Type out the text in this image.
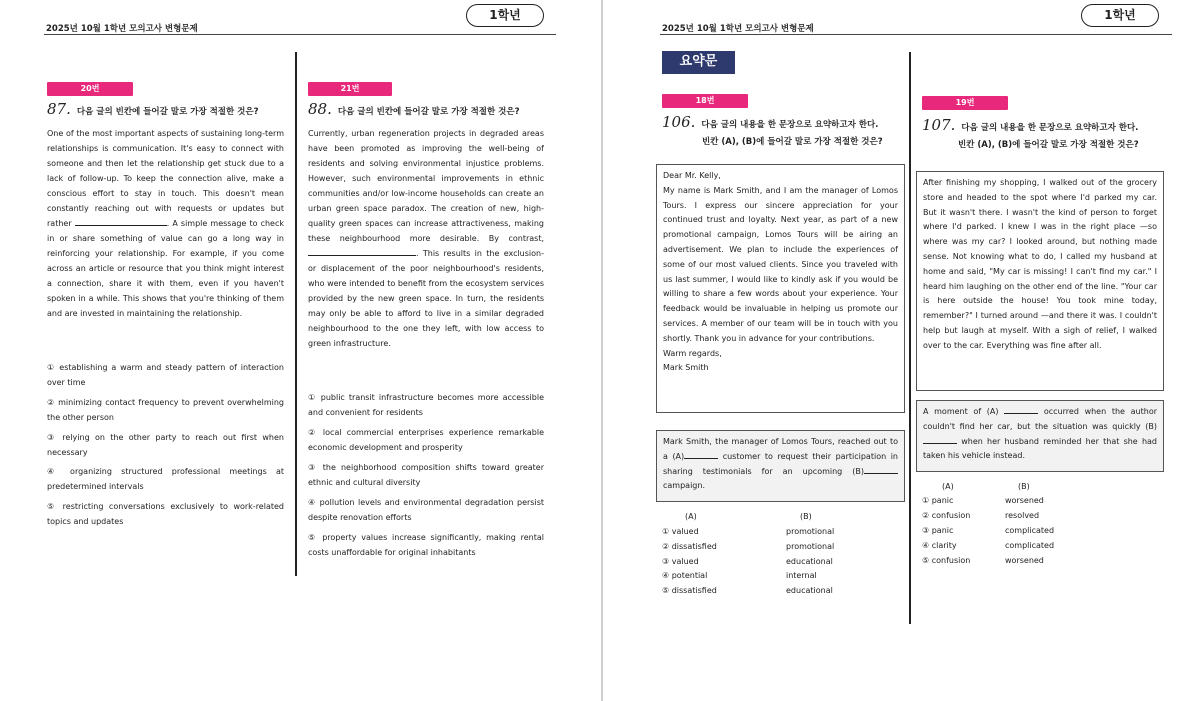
2025년 10월 1학년 모의고사 변형문제
1학년
20번
87. 다음 글의 빈칸에 들어갈 말로 가장 적절한 것은?
One of the most important aspects of sustaining long-term relationships is communication. It's easy to connect with someone and then let the relationship get stuck due to a lack of follow-up. To keep the connection alive, make a conscious effort to stay in touch. This doesn't mean constantly reaching out with requests or updates but rather	. A simple message to check in or share something of value can go a long way in reinforcing your relationship. For example, if you come across an article or resource that you think might interest a connection, share it with them, even if you haven't spoken in a while. This shows that you're thinking of them and are invested in maintaining the relationship.
① establishing a warm and steady pattern of interaction over time
② minimizing contact frequency to prevent overwhelming the other person
③ relying on the other party to reach out first when necessary
④ organizing structured professional meetings at predetermined intervals
⑤ restricting conversations exclusively to work-related topics and updates
21번
88. 다음 글의 빈칸에 들어갈 말로 가장 적절한 것은?
Currently, urban regeneration projects in degraded areas have been promoted as improving the well-being of residents and solving environmental injustice problems. However, such environmental improvements in ethnic communities and/or low-income households can create an urban green space paradox. The creation of new, high-quality green spaces can increase attractiveness, making these neighbourhood more desirable. By contrast, . This results in the exclusion- or displacement of the poor neighbourhood's residents, who were intended to benefit from the ecosystem services provided by the new green space. In turn, the residents may only be able to afford to live in a similar degraded neighbourhood to the one they left, with low access to green infrastructure.
① public transit infrastructure becomes more accessible and convenient for residents
② local commercial enterprises experience remarkable economic development and prosperity
③ the neighborhood composition shifts toward greater ethnic and cultural diversity
④ pollution levels and environmental degradation persist despite renovation efforts
⑤ property values increase significantly, making rental costs unaffordable for original inhabitants
2025년 10월 1학년 모의고사 변형문제
1학년
요약문
18번
106. 다음 글의 내용을 한 문장으로 요약하고자 한다.
빈칸 (A), (B)에 들어갈 말로 가장 적절한 것은?
Dear Mr. Kelly,
My name is Mark Smith, and I am the manager of Lomos Tours. I express our sincere appreciation for your continued trust and loyalty. Next year, as part of a new promotional campaign, Lomos Tours will be airing an advertisement. We plan to include the experiences of some of our most valued clients. Since you traveled with us last summer, I would like to kindly ask if you would be willing to share a few words about your experience. Your feedback would be invaluable in helping us promote our services. A member of our team will be in touch with you shortly. Thank you in advance for your contributions.
Warm regards,
Mark Smith
Mark Smith, the manager of Lomos Tours, reached out to a (A)	customer to request their participation in sharing testimonials for an upcoming (B) campaign.
(A)	(B)
① valued	promotional
② dissatisfied	promotional
③ valued	educational
④ potential	internal
⑤ dissatisfied	educational
19번
107. 다음 글의 내용을 한 문장으로 요약하고자 한다.
빈칸 (A), (B)에 들어갈 말로 가장 적절한 것은?
After finishing my shopping, I walked out of the grocery store and headed to the spot where I'd parked my car. But it wasn't there. I wasn't the kind of person to forget where I'd parked. I knew I was in the right place —so where was my car? I looked around, but nothing made sense. Not knowing what to do, I called my husband at home and said, "My car is missing! I can't find my car." I heard him laughing on the other end of the line. "Your car is here outside the house! You took mine today, remember?" I turned around —and there it was. I couldn't help but laugh at myself. With a sigh of relief, I walked over to the car. Everything was fine after all.
A moment of (A)	occurred when the author couldn't find her car, but the situation was quickly (B)  when her husband reminded her that she had taken his vehicle instead.
(A)	(B)
① panic	worsened
② confusion	resolved
③ panic	complicated
④ clarity	complicated
⑤ confusion	worsened
